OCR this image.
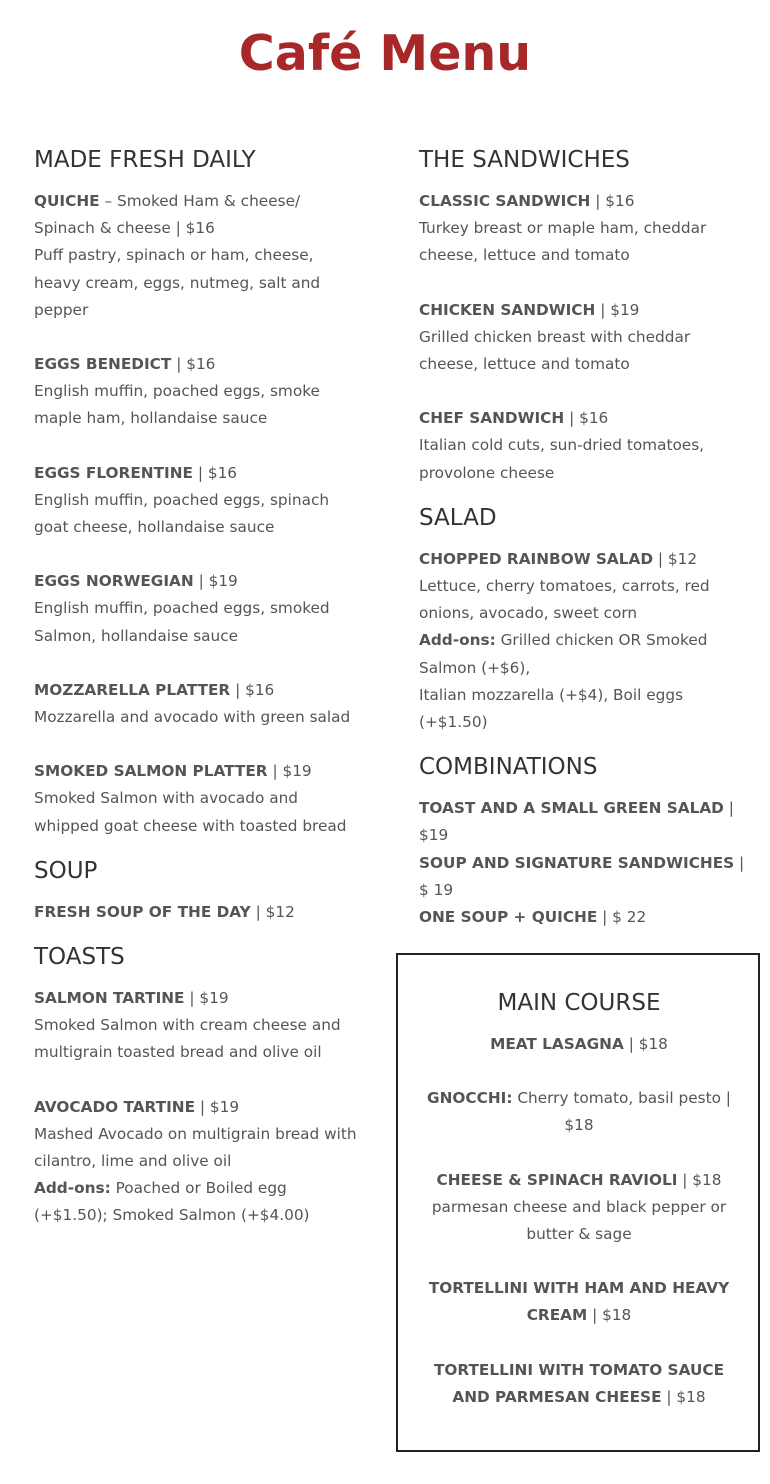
Café Menu
MADE FRESH DAILY

QUICHE – Smoked Ham & cheese/ Spinach & cheese | $16

Puff pastry, spinach or ham, cheese, heavy cream, eggs, nutmeg, salt and pepper

EGGS BENEDICT | $16

English muffin, poached eggs, smoke maple ham, hollandaise sauce

EGGS FLORENTINE | $16

English muffin, poached eggs, spinach goat cheese, hollandaise sauce

EGGS NORWEGIAN | $19

English muffin, poached eggs, smoked Salmon, hollandaise sauce

MOZZARELLA PLATTER | $16

Mozzarella and avocado with green salad

SMOKED SALMON PLATTER | $19

Smoked Salmon with avocado and whipped goat cheese with toasted bread

SOUP

FRESH SOUP OF THE DAY | $12

TOASTS

SALMON TARTINE | $19

Smoked Salmon with cream cheese and multigrain toasted bread and olive oil

AVOCADO TARTINE | $19

Mashed Avocado on multigrain bread with cilantro, lime and olive oil

Add-ons: Poached or Boiled egg (+$1.50); Smoked Salmon (+$4.00)

THE SANDWICHES

CLASSIC SANDWICH | $16

Turkey breast or maple ham, cheddar cheese, lettuce and tomato

CHICKEN SANDWICH | $19

Grilled chicken breast with cheddar cheese, lettuce and tomato

CHEF SANDWICH | $16

Italian cold cuts, sun-dried tomatoes, provolone cheese

SALAD

CHOPPED RAINBOW SALAD | $12

Lettuce, cherry tomatoes, carrots, red onions, avocado, sweet corn

Add-ons: Grilled chicken OR Smoked Salmon (+$6),

Italian mozzarella (+$4), Boil eggs (+$1.50)

COMBINATIONS

TOAST AND A SMALL GREEN SALAD | $19

SOUP AND SIGNATURE SANDWICHES | $ 19

ONE SOUP + QUICHE | $ 22

MAIN COURSE

MEAT LASAGNA | $18

GNOCCHI: Cherry tomato, basil pesto | $18

CHEESE & SPINACH RAVIOLI | $18

parmesan cheese and black pepper or butter & sage

TORTELLINI WITH HAM AND HEAVY CREAM | $18

TORTELLINI WITH TOMATO SAUCE AND PARMESAN CHEESE | $18
